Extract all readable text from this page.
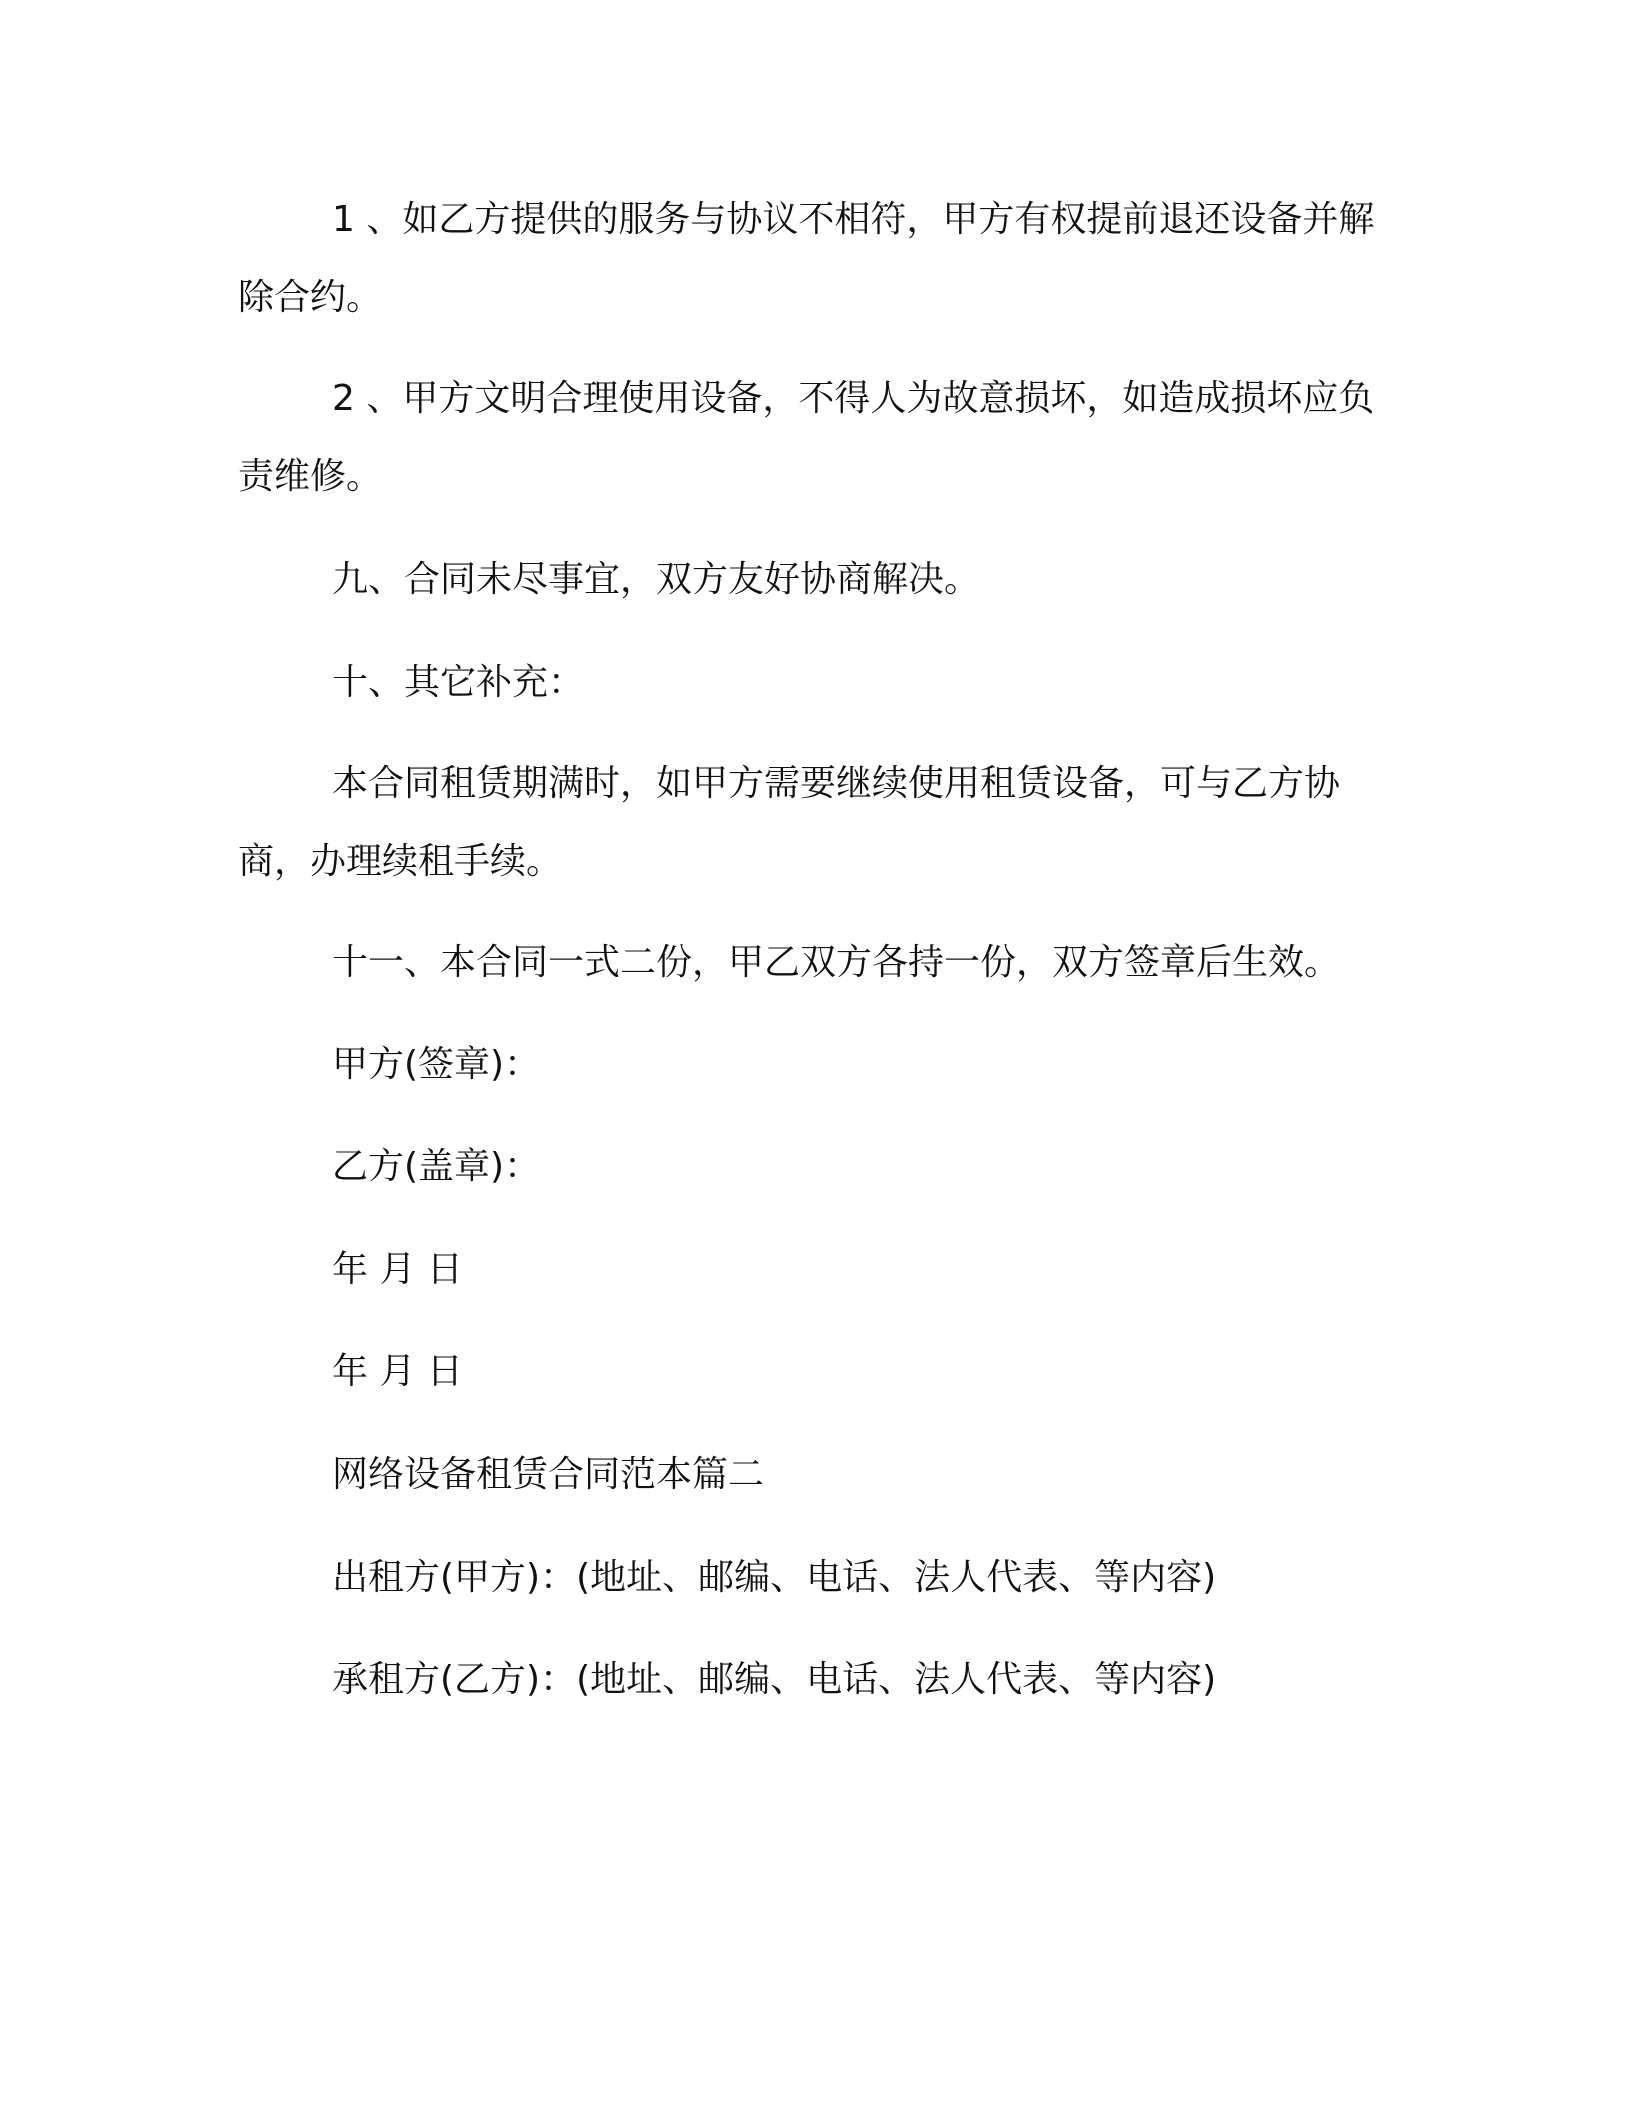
1 、如乙方提供的服务与协议不相符，甲方有权提前退还设备并解除合约。

2 、甲方文明合理使用设备，不得人为故意损坏，如造成损坏应负责维修。

九、合同未尽事宜，双方友好协商解决。

十、其它补充：

本合同租赁期满时，如甲方需要继续使用租赁设备，可与乙方协商，办理续租手续。

十一、本合同一式二份，甲乙双方各持一份，双方签章后生效。

甲方(签章)：

乙方(盖章)：

年 月 日

年 月 日

网络设备租赁合同范本篇二

出租方(甲方)：(地址、邮编、电话、法人代表、等内容)

承租方(乙方)：(地址、邮编、电话、法人代表、等内容)
